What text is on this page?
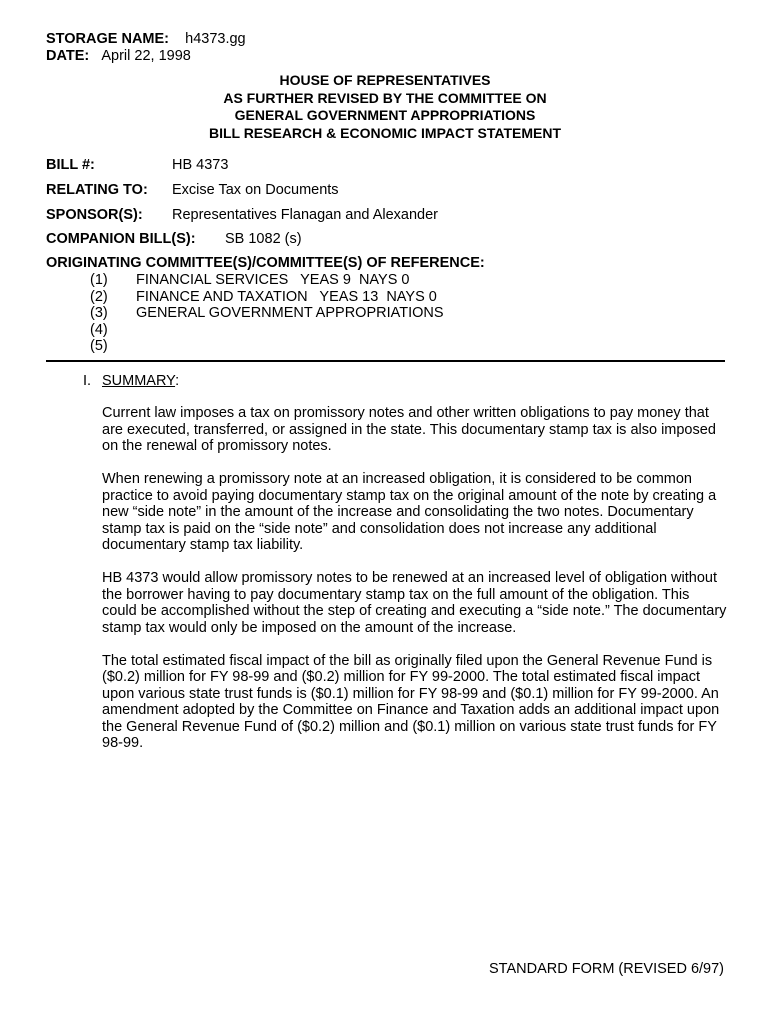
STORAGE NAME: h4373.gg
DATE: April 22, 1998
HOUSE OF REPRESENTATIVES
AS FURTHER REVISED BY THE COMMITTEE ON
GENERAL GOVERNMENT APPROPRIATIONS
BILL RESEARCH & ECONOMIC IMPACT STATEMENT
BILL #:	HB 4373
RELATING TO: Excise Tax on Documents
SPONSOR(S): Representatives Flanagan and Alexander
COMPANION BILL(S): SB 1082 (s)
ORIGINATING COMMITTEE(S)/COMMITTEE(S) OF REFERENCE:
(1) FINANCIAL SERVICES   YEAS 9  NAYS 0
(2) FINANCE AND TAXATION   YEAS 13  NAYS 0
(3) GENERAL GOVERNMENT APPROPRIATIONS
(4)
(5)
I. SUMMARY:

Current law imposes a tax on promissory notes and other written obligations to pay money that are executed, transferred, or assigned in the state. This documentary stamp tax is also imposed on the renewal of promissory notes.

When renewing a promissory note at an increased obligation, it is considered to be common practice to avoid paying documentary stamp tax on the original amount of the note by creating a new “side note” in the amount of the increase and consolidating the two notes. Documentary stamp tax is paid on the “side note” and consolidation does not increase any additional documentary stamp tax liability.

HB 4373 would allow promissory notes to be renewed at an increased level of obligation without the borrower having to pay documentary stamp tax on the full amount of the obligation. This could be accomplished without the step of creating and executing a “side note.” The documentary stamp tax would only be imposed on the amount of the increase.

The total estimated fiscal impact of the bill as originally filed upon the General Revenue Fund is ($0.2) million for FY 98-99 and ($0.2) million for FY 99-2000. The total estimated fiscal impact upon various state trust funds is ($0.1) million for FY 98-99 and ($0.1) million for FY 99-2000. An amendment adopted by the Committee on Finance and Taxation adds an additional impact upon the General Revenue Fund of ($0.2) million and ($0.1) million on various state trust funds for FY 98-99.

STANDARD FORM (REVISED 6/97)
